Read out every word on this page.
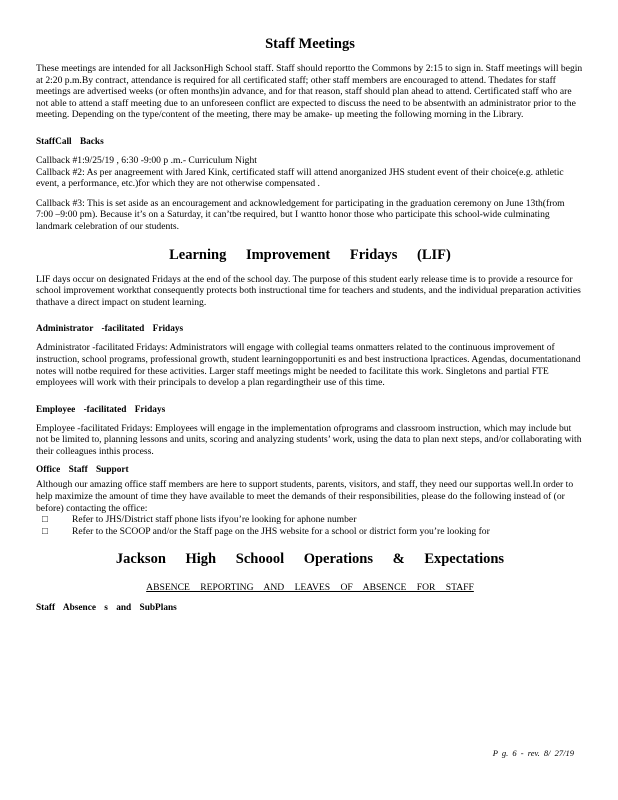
Staff Meetings

These meetings are intended for all JacksonHigh School staff. Staff should reportto the Commons by 2:15 to sign in. Staff meetings will begin at 2:20 p.m.By contract, attendance is required for all certificated staff; other staff members are encouraged to attend. Thedates for staff meetings are advertised weeks (or often months)in advance, and for that reason, staff should plan ahead to attend. Certificated staff who are not able to attend a staff meeting due to an unforeseen conflict are expected to discuss the need to be absentwith an administrator prior to the meeting. Depending on the type/content of the meeting, there may be amake- up meeting the following morning in the Library.

StaffCall Backs

Callback #1:9/25/19 , 6:30 -9:00 p .m.- Curriculum Night

Callback #2: As per anagreement with Jared Kink, certificated staff will attend anorganized JHS student event of their choice(e.g. athletic event, a performance, etc.)for which they are not otherwise compensated .

Callback #3: This is set aside as an encouragement and acknowledgement for participating in the graduation ceremony on June 13th(from 7:00 –9:00 pm). Because it’s on a Saturday, it can’tbe required, but I wantto honor those who participate this school-wide culminating landmark celebration of our students.

Learning Improvement Fridays (LIF)

LIF days occur on designated Fridays at the end of the school day. The purpose of this student early release time is to provide a resource for school improvement workthat consequently protects both instructional time for teachers and students, and the individual preparation activities thathave a direct impact on student learning.

Administrator -facilitated Fridays

Administrator -facilitated Fridays: Administrators will engage with collegial teams onmatters related to the continuous improvement of instruction, school programs, professional growth, student learningopportuniti es and best instructiona lpractices. Agendas, documentationand notes will notbe required for these activities. Larger staff meetings might be needed to facilitate this work. Singletons and partial FTE employees will work with their principals to develop a plan regardingtheir use of this time.

Employee -facilitated Fridays

Employee -facilitated Fridays: Employees will engage in the implementation ofprograms and classroom instruction, which may include but not be limited to, planning lessons and units, scoring and analyzing students’ work, using the data to plan next steps, and/or collaborating with their colleagues inthis process.

Office Staff Support

Although our amazing office staff members are here to support students, parents, visitors, and staff, they need our supportas well.In order to help maximize the amount of time they have available to meet the demands of their responsibilities, please do the following instead of (or before) contacting the office:

□	Refer to JHS/District staff phone lists ifyou’re looking for aphone number
□	Refer to the SCOOP and/or the Staff page on the JHS website for a school or district form you’re looking for
Jackson High Schoool Operations & Expectations
ABSENCE REPORTING AND LEAVES OF ABSENCE FOR STAFF
Staff Absence s and SubPlans
P g. 6 - rev. 8/ 27/19
